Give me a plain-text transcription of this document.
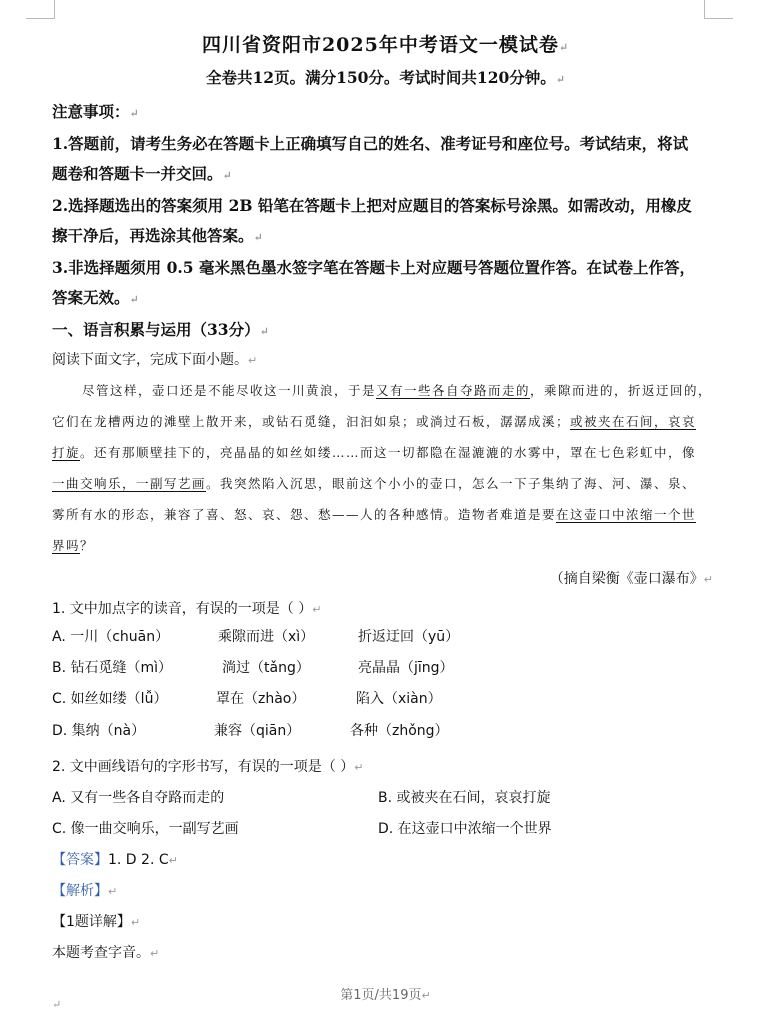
四川省资阳市2025年中考语文一模试卷↵
全卷共12页。满分150分。考试时间共120分钟。↵
注意事项：↵
1.答题前，请考生务必在答题卡上正确填写自己的姓名、准考证号和座位号。考试结束，将试
题卷和答题卡一并交回。↵
2.选择题选出的答案须用 2B 铅笔在答题卡上把对应题目的答案标号涂黑。如需改动，用橡皮
擦干净后，再选涂其他答案。↵
3.非选择题须用 0.5 毫米黑色墨水签字笔在答题卡上对应题号答题位置作答。在试卷上作答，
答案无效。↵
一、语言积累与运用（33分）↵
阅读下面文字，完成下面小题。↵
尽管这样，壶口还是不能尽收这一川黄浪，于是又有一些各自夺路而走的，乘隙而进的，折返迂回的，
它们在龙槽两边的滩壁上散开来，或钻石觅缝，汩汩如泉；或淌过石板，潺潺成溪；或被夹在石间，哀哀
打旋。还有那顺壁挂下的，亮晶晶的如丝如缕……而这一切都隐在湿漉漉的水雾中，罩在七色彩虹中，像
一曲交响乐，一副写艺画。我突然陷入沉思，眼前这个小小的壶口，怎么一下子集纳了海、河、瀑、泉、
雾所有水的形态，兼容了喜、怒、哀、怨、愁——人的各种感情。造物者难道是要在这壶口中浓缩一个世
界吗？
（摘自梁衡《壶口瀑布》↵
1. 文中加点字的读音，有误的一项是（ ）↵
A. 一川（chuān）	乘隙而进（xì）	折返迂回（yū）
B. 钻石觅缝（mì）	淌过（tǎng）	亮晶晶（jīng）
C. 如丝如缕（lǚ）	罩在（zhào）	陷入（xiàn）
D. 集纳（nà）	兼容（qiān）	各种（zhǒng）
2. 文中画线语句的字形书写，有误的一项是（ ）↵
A. 又有一些各自夺路而走的	B. 或被夹在石间，哀哀打旋
C. 像一曲交响乐，一副写艺画	D. 在这壶口中浓缩一个世界
【答案】1. D 2. C↵
【解析】↵
【1题详解】↵
本题考查字音。↵
第1页/共19页↵
↵
